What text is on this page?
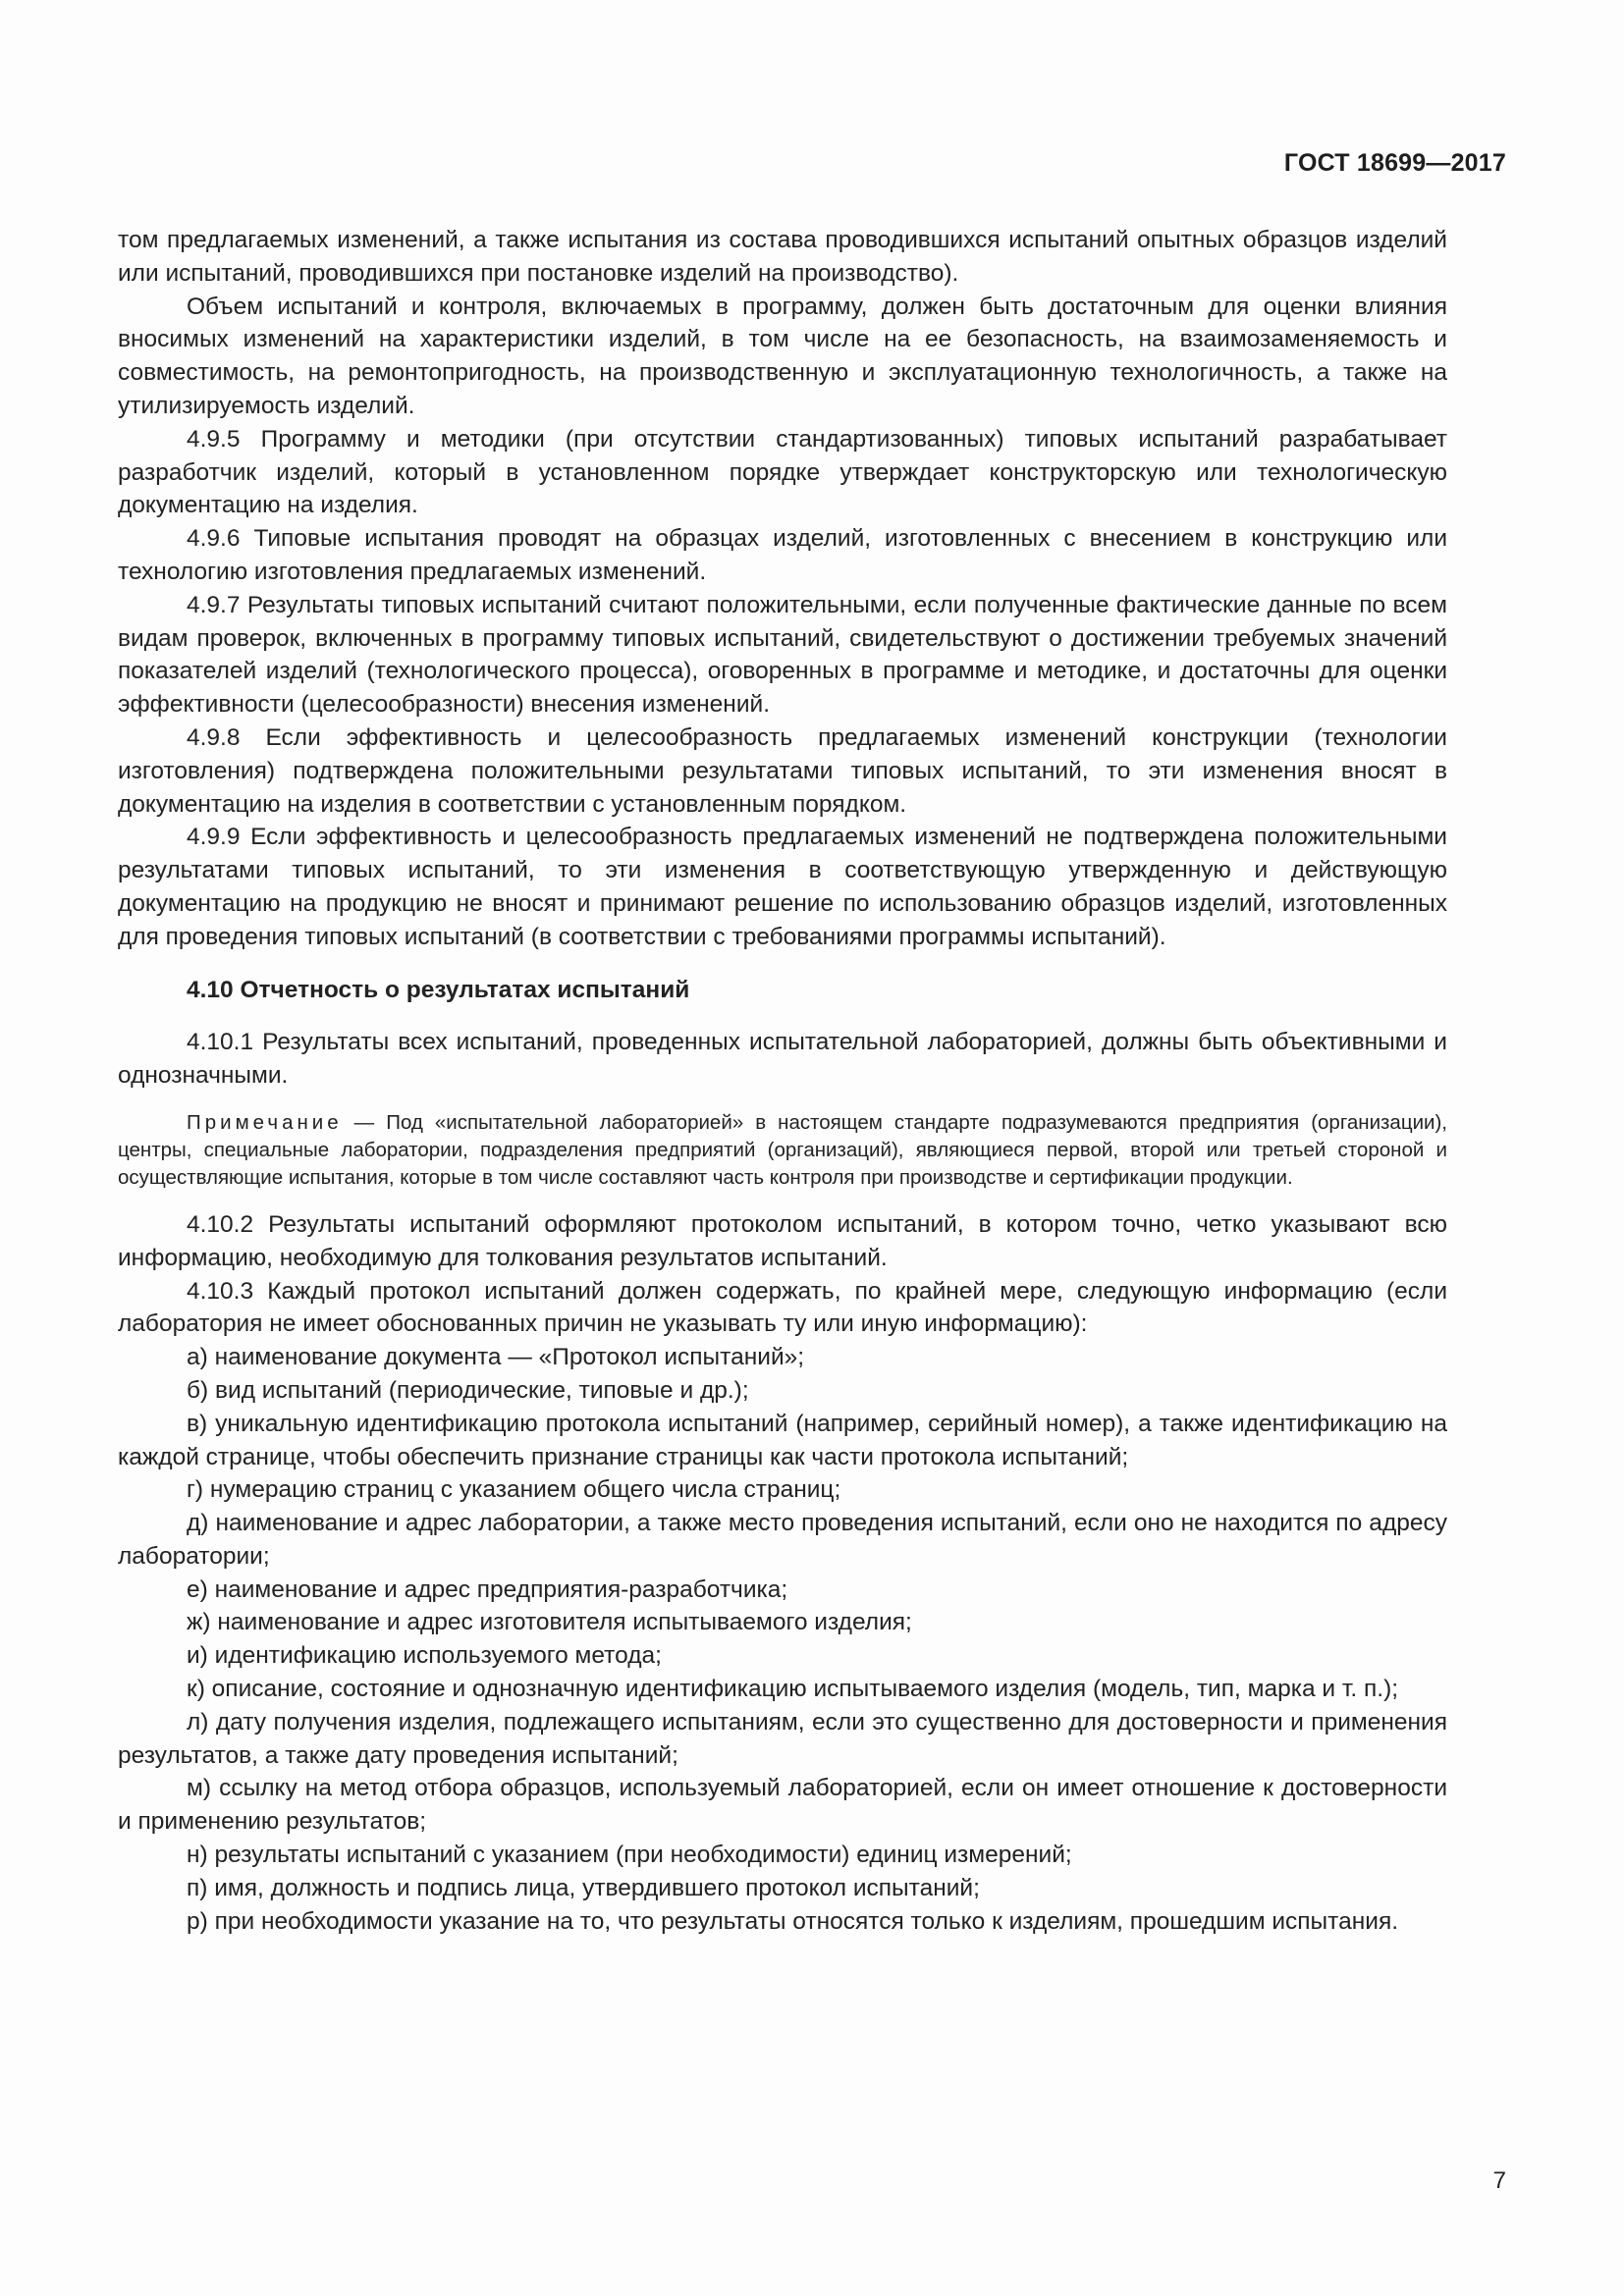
ГОСТ 18699—2017

том предлагаемых изменений, а также испытания из состава проводившихся испытаний опытных образцов изделий или испытаний, проводившихся при постановке изделий на производство).

Объем испытаний и контроля, включаемых в программу, должен быть достаточным для оценки влияния вносимых изменений на характеристики изделий, в том числе на ее безопасность, на взаимозаменяемость и совместимость, на ремонтопригодность, на производственную и эксплуатационную технологичность, а также на утилизируемость изделий.

4.9.5 Программу и методики (при отсутствии стандартизованных) типовых испытаний разрабатывает разработчик изделий, который в установленном порядке утверждает конструкторскую или технологическую документацию на изделия.

4.9.6 Типовые испытания проводят на образцах изделий, изготовленных с внесением в конструкцию или технологию изготовления предлагаемых изменений.

4.9.7 Результаты типовых испытаний считают положительными, если полученные фактические данные по всем видам проверок, включенных в программу типовых испытаний, свидетельствуют о достижении требуемых значений показателей изделий (технологического процесса), оговоренных в программе и методике, и достаточны для оценки эффективности (целесообразности) внесения изменений.

4.9.8 Если эффективность и целесообразность предлагаемых изменений конструкции (технологии изготовления) подтверждена положительными результатами типовых испытаний, то эти изменения вносят в документацию на изделия в соответствии с установленным порядком.

4.9.9 Если эффективность и целесообразность предлагаемых изменений не подтверждена положительными результатами типовых испытаний, то эти изменения в соответствующую утвержденную и действующую документацию на продукцию не вносят и принимают решение по использованию образцов изделий, изготовленных для проведения типовых испытаний (в соответствии с требованиями программы испытаний).

4.10 Отчетность о результатах испытаний

4.10.1 Результаты всех испытаний, проведенных испытательной лабораторией, должны быть объективными и однозначными.

Примечание — Под «испытательной лабораторией» в настоящем стандарте подразумеваются предприятия (организации), центры, специальные лаборатории, подразделения предприятий (организаций), являющиеся первой, второй или третьей стороной и осуществляющие испытания, которые в том числе составляют часть контроля при производстве и сертификации продукции.

4.10.2 Результаты испытаний оформляют протоколом испытаний, в котором точно, четко указывают всю информацию, необходимую для толкования результатов испытаний.

4.10.3 Каждый протокол испытаний должен содержать, по крайней мере, следующую информацию (если лаборатория не имеет обоснованных причин не указывать ту или иную информацию):

а) наименование документа — «Протокол испытаний»;

б) вид испытаний (периодические, типовые и др.);

в) уникальную идентификацию протокола испытаний (например, серийный номер), а также идентификацию на каждой странице, чтобы обеспечить признание страницы как части протокола испытаний;

г) нумерацию страниц с указанием общего числа страниц;

д) наименование и адрес лаборатории, а также место проведения испытаний, если оно не находится по адресу лаборатории;

е) наименование и адрес предприятия-разработчика;

ж) наименование и адрес изготовителя испытываемого изделия;

и) идентификацию используемого метода;

к) описание, состояние и однозначную идентификацию испытываемого изделия (модель, тип, марка и т. п.);

л) дату получения изделия, подлежащего испытаниям, если это существенно для достоверности и применения результатов, а также дату проведения испытаний;

м) ссылку на метод отбора образцов, используемый лабораторией, если он имеет отношение к достоверности и применению результатов;

н) результаты испытаний с указанием (при необходимости) единиц измерений;

п) имя, должность и подпись лица, утвердившего протокол испытаний;

р) при необходимости указание на то, что результаты относятся только к изделиям, прошедшим испытания.

7
